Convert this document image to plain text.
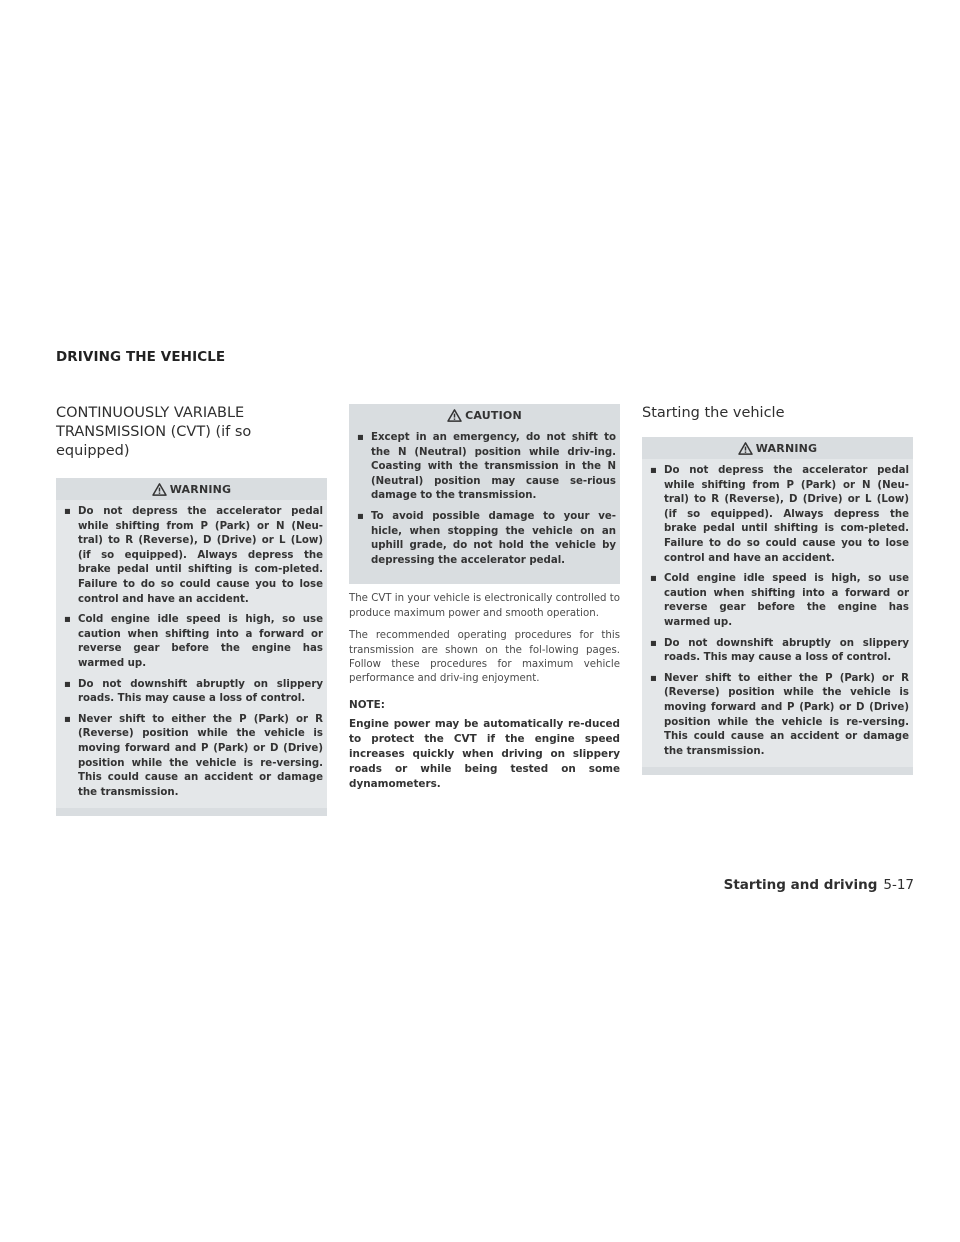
DRIVING THE VEHICLE
CONTINUOUSLY VARIABLE TRANSMISSION (CVT) (if so equipped)
WARNING
▪ Do not depress the accelerator pedal while shifting from P (Park) or N (Neu-tral) to R (Reverse), D (Drive) or L (Low) (if so equipped). Always depress the brake pedal until shifting is com-pleted. Failure to do so could cause you to lose control and have an accident.
▪ Cold engine idle speed is high, so use caution when shifting into a forward or reverse gear before the engine has warmed up.
▪ Do not downshift abruptly on slippery roads. This may cause a loss of control.
▪ Never shift to either the P (Park) or R (Reverse) position while the vehicle is moving forward and P (Park) or D (Drive) position while the vehicle is re-versing. This could cause an accident or damage the transmission.
CAUTION
▪ Except in an emergency, do not shift to the N (Neutral) position while driv-ing. Coasting with the transmission in the N (Neutral) position may cause se-rious damage to the transmission.
▪ To avoid possible damage to your ve-hicle, when stopping the vehicle on an uphill grade, do not hold the vehicle by depressing the accelerator pedal.
The CVT in your vehicle is electronically controlled to produce maximum power and smooth operation.
The recommended operating procedures for this transmission are shown on the fol-lowing pages. Follow these procedures for maximum vehicle performance and driv-ing enjoyment.
NOTE:
Engine power may be automatically re-duced to protect the CVT if the engine speed increases quickly when driving on slippery roads or while being tested on some dynamometers.
Starting the vehicle
WARNING
▪ Do not depress the accelerator pedal while shifting from P (Park) or N (Neu-tral) to R (Reverse), D (Drive) or L (Low) (if so equipped). Always depress the brake pedal until shifting is com-pleted. Failure to do so could cause you to lose control and have an accident.
▪ Cold engine idle speed is high, so use caution when shifting into a forward or reverse gear before the engine has warmed up.
▪ Do not downshift abruptly on slippery roads. This may cause a loss of control.
▪ Never shift to either the P (Park) or R (Reverse) position while the vehicle is moving forward and P (Park) or D (Drive) position while the vehicle is re-versing. This could cause an accident or damage the transmission.
Starting and driving 5-17
